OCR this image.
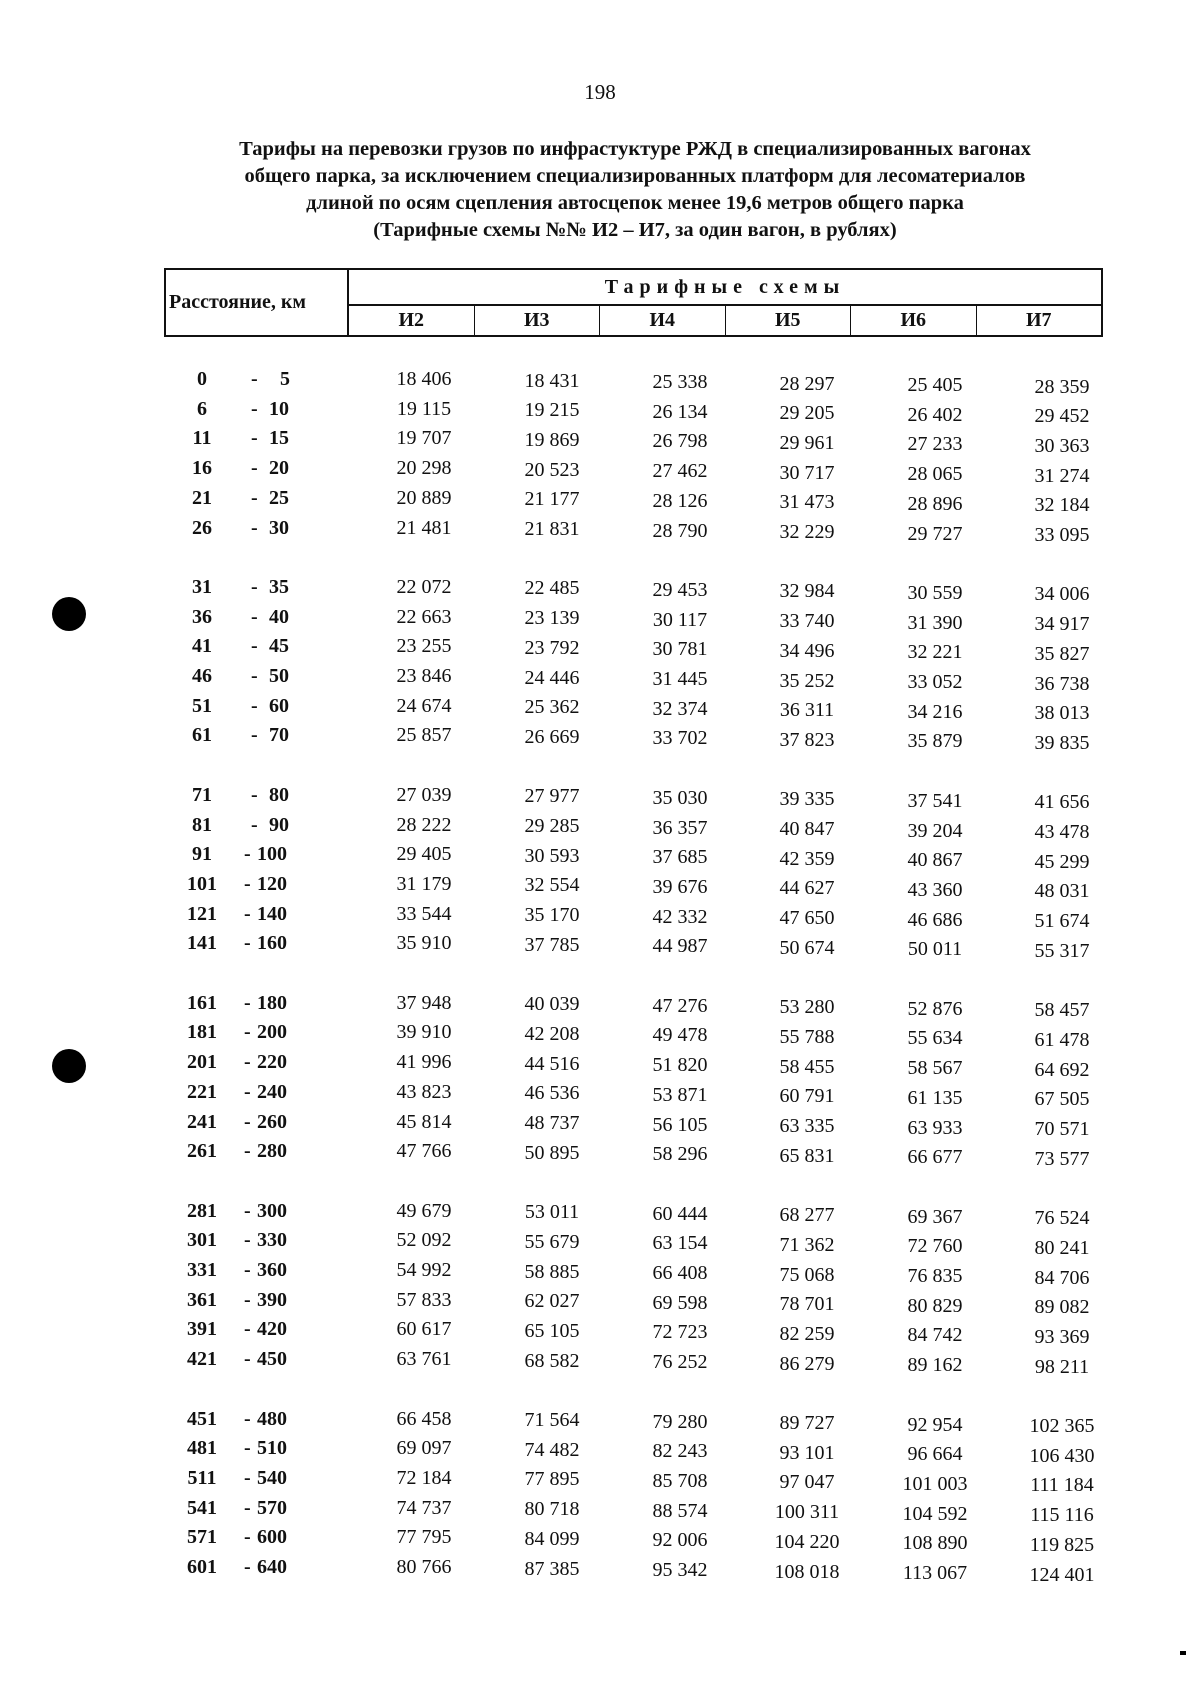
198
Тарифы на перевозки грузов по инфрастуктуре РЖД в специализированных вагонах
общего парка, за исключением специализированных платформ для лесоматериалов
длиной по осям сцепления автосцепок менее 19,6 метров общего парка
(Тарифные схемы №№ И2 – И7, за один вагон, в рублях)
Расстояние, км
Тарифные схемы
И2	И3	И4	И5	И6	И7
0	- 5	18 406	18 431	25 338	28 297	25 405	28 359
6	- 10	19 115	19 215	26 134	29 205	26 402	29 452
11	- 15	19 707	19 869	26 798	29 961	27 233	30 363
16	- 20	20 298	20 523	27 462	30 717	28 065	31 274
21	- 25	20 889	21 177	28 126	31 473	28 896	32 184
26	- 30	21 481	21 831	28 790	32 229	29 727	33 095
31	- 35	22 072	22 485	29 453	32 984	30 559	34 006
36	- 40	22 663	23 139	30 117	33 740	31 390	34 917
41	- 45	23 255	23 792	30 781	34 496	32 221	35 827
46	- 50	23 846	24 446	31 445	35 252	33 052	36 738
51	- 60	24 674	25 362	32 374	36 311	34 216	38 013
61	- 70	25 857	26 669	33 702	37 823	35 879	39 835
71	- 80	27 039	27 977	35 030	39 335	37 541	41 656
81	- 90	28 222	29 285	36 357	40 847	39 204	43 478
91	- 100	29 405	30 593	37 685	42 359	40 867	45 299
101	- 120	31 179	32 554	39 676	44 627	43 360	48 031
121	- 140	33 544	35 170	42 332	47 650	46 686	51 674
141	- 160	35 910	37 785	44 987	50 674	50 011	55 317
161	- 180	37 948	40 039	47 276	53 280	52 876	58 457
181	- 200	39 910	42 208	49 478	55 788	55 634	61 478
201	- 220	41 996	44 516	51 820	58 455	58 567	64 692
221	- 240	43 823	46 536	53 871	60 791	61 135	67 505
241	- 260	45 814	48 737	56 105	63 335	63 933	70 571
261	- 280	47 766	50 895	58 296	65 831	66 677	73 577
281	- 300	49 679	53 011	60 444	68 277	69 367	76 524
301	- 330	52 092	55 679	63 154	71 362	72 760	80 241
331	- 360	54 992	58 885	66 408	75 068	76 835	84 706
361	- 390	57 833	62 027	69 598	78 701	80 829	89 082
391	- 420	60 617	65 105	72 723	82 259	84 742	93 369
421	- 450	63 761	68 582	76 252	86 279	89 162	98 211
451	- 480	66 458	71 564	79 280	89 727	92 954	102 365
481	- 510	69 097	74 482	82 243	93 101	96 664	106 430
511	- 540	72 184	77 895	85 708	97 047	101 003	111 184
541	- 570	74 737	80 718	88 574	100 311	104 592	115 116
571	- 600	77 795	84 099	92 006	104 220	108 890	119 825
601	- 640	80 766	87 385	95 342	108 018	113 067	124 401
